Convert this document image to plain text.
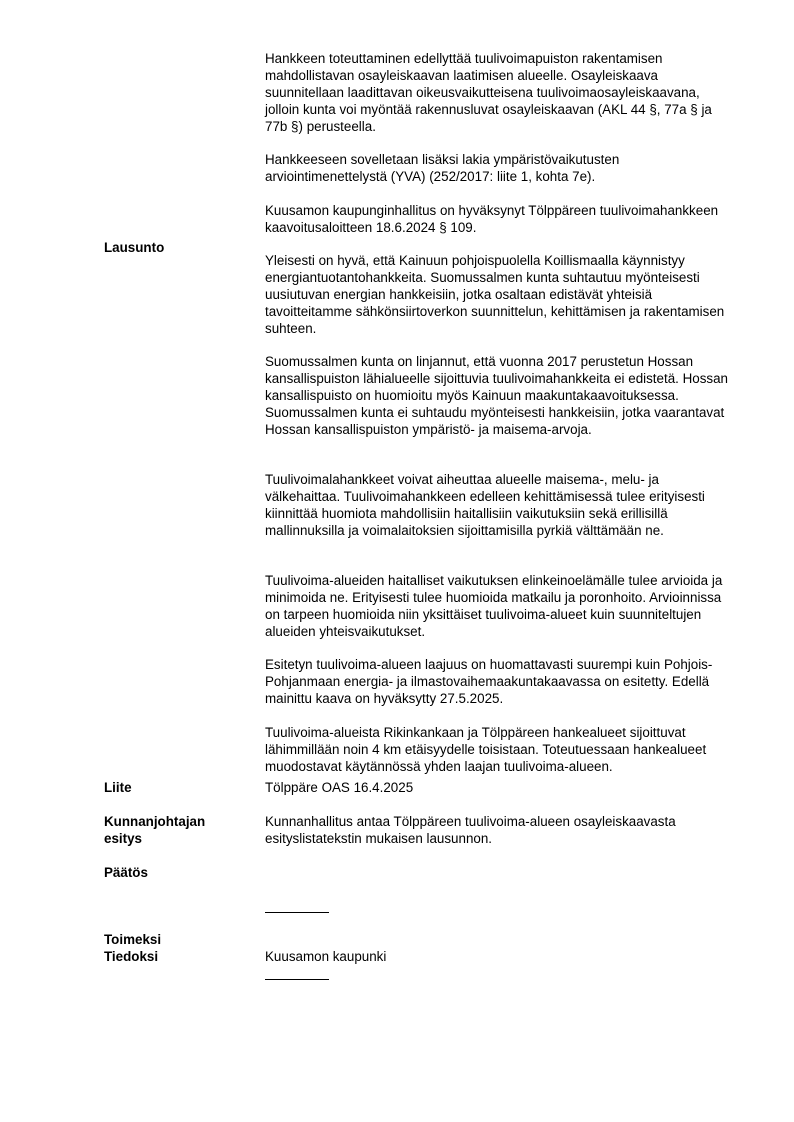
Hankkeen toteuttaminen edellyttää tuulivoimapuiston rakentamisen mahdollistavan osayleiskaavan laatimisen alueelle. Osayleiskaava suunnitellaan laadittavan oikeusvaikutteisena tuulivoimaosayleiskaavana, jolloin kunta voi myöntää rakennusluvat osayleiskaavan (AKL 44 §, 77a § ja 77b §) perusteella.

Hankkeeseen sovelletaan lisäksi lakia ympäristövaikutusten arviointimenettelystä (YVA) (252/2017: liite 1, kohta 7e).

Kuusamon kaupunginhallitus on hyväksynyt Tölppäreen tuulivoimahankkeen kaavoitusaloitteen 18.6.2024 § 109.

Lausunto

Yleisesti on hyvä, että Kainuun pohjoispuolella Koillismaalla käynnistyy energiantuotantohankkeita. Suomussalmen kunta suhtautuu myönteisesti uusiutuvan energian hankkeisiin, jotka osaltaan edistävät yhteisiä tavoitteitamme sähkönsiirtoverkon suunnittelun, kehittämisen ja rakentamisen suhteen.

Suomussalmen kunta on linjannut, että vuonna 2017 perustetun Hossan kansallispuiston lähialueelle sijoittuvia tuulivoimahankkeita ei edistetä. Hossan kansallispuisto on huomioitu myös Kainuun maakuntakaavoituksessa. Suomussalmen kunta ei suhtaudu myönteisesti hankkeisiin, jotka vaarantavat Hossan kansallispuiston ympäristö- ja maisema-arvoja.

Tuulivoimalahankkeet voivat aiheuttaa alueelle maisema-, melu- ja välkehaittaa. Tuulivoimahankkeen edelleen kehittämisessä tulee erityisesti kiinnittää huomiota mahdollisiin haitallisiin vaikutuksiin sekä erillisillä mallinnuksilla ja voimalaitoksien sijoittamisilla pyrkiä välttämään ne.

Tuulivoima-alueiden haitalliset vaikutuksen elinkeinoelämälle tulee arvioida ja minimoida ne. Erityisesti tulee huomioida matkailu ja poronhoito. Arvioinnissa on tarpeen huomioida niin yksittäiset tuulivoima-alueet kuin suunniteltujen alueiden yhteisvaikutukset.

Esitetyn tuulivoima-alueen laajuus on huomattavasti suurempi kuin Pohjois-Pohjanmaan energia- ja ilmastovaihemaakuntakaavassa on esitetty. Edellä mainittu kaava on hyväksytty 27.5.2025.

Tuulivoima-alueista Rikinkankaan ja Tölppäreen hankealueet sijoittuvat lähimmillään noin 4 km etäisyydelle toisistaan. Toteutuessaan hankealueet muodostavat käytännössä yhden laajan tuulivoima-alueen.

Liite	Tölppäre OAS 16.4.2025
Kunnanjohtajan
esitys
Kunnanhallitus antaa Tölppäreen tuulivoima-alueen osayleiskaavasta
esityslistatekstin mukaisen lausunnon.
Päätös
Toimeksi
Tiedoksi	Kuusamon kaupunki
